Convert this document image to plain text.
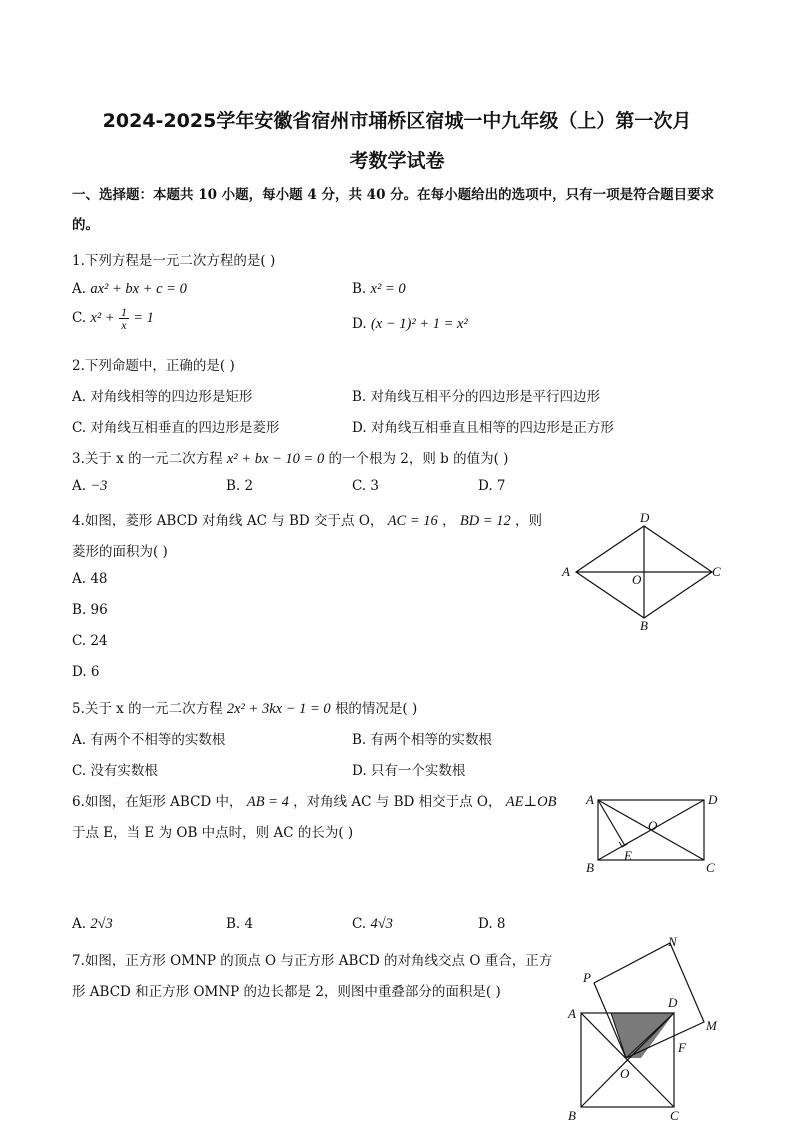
2024-2025学年安徽省宿州市埇桥区宿城一中九年级（上）第一次月
考数学试卷
一、选择题：本题共 10 小题，每小题 4 分，共 40 分。在每小题给出的选项中，只有一项是符合题目要求
的。
1.下列方程是一元二次方程的是( )
A. ax² + bx + c = 0	B. x² = 0
C. $x^2 + \frac{1}{x} = 1$	D. (x − 1)² + 1 = x²
2.下列命题中，正确的是( )
A. 对角线相等的四边形是矩形	B. 对角线互相平分的四边形是平行四边形
C. 对角线互相垂直的四边形是菱形	D. 对角线互相垂直且相等的四边形是正方形
3.关于 x 的一元二次方程 x² + bx − 10 = 0 的一个根为 2，则 b 的值为( )
A. −3	B. 2	C. 3	D. 7
4.如图，菱形 ABCD 对角线 AC 与 BD 交于点 O， AC = 16 ， BD = 12 ，则
菱形的面积为( )
A. 48
B. 96
C. 24
D. 6
D
A	C
O
B
5.关于 x 的一元二次方程 2x² + 3kx − 1 = 0 根的情况是( )
A. 有两个不相等的实数根	B. 有两个相等的实数根
C. 没有实数根	D. 只有一个实数根
6.如图，在矩形 ABCD 中， AB = 4 ，对角线 AC 与 BD 相交于点 O， AE⊥OB
于点 E，当 E 为 OB 中点时，则 AC 的长为( )
A. 2√3	B. 4	C. 4√3	D. 8
A	D
B	C
O
E
7.如图，正方形 OMNP 的顶点 O 与正方形 ABCD 的对角线交点 O 重合，正方
形 ABCD 和正方形 OMNP 的边长都是 2，则图中重叠部分的面积是( )
A
D
B	C
O
P
N
M
F
